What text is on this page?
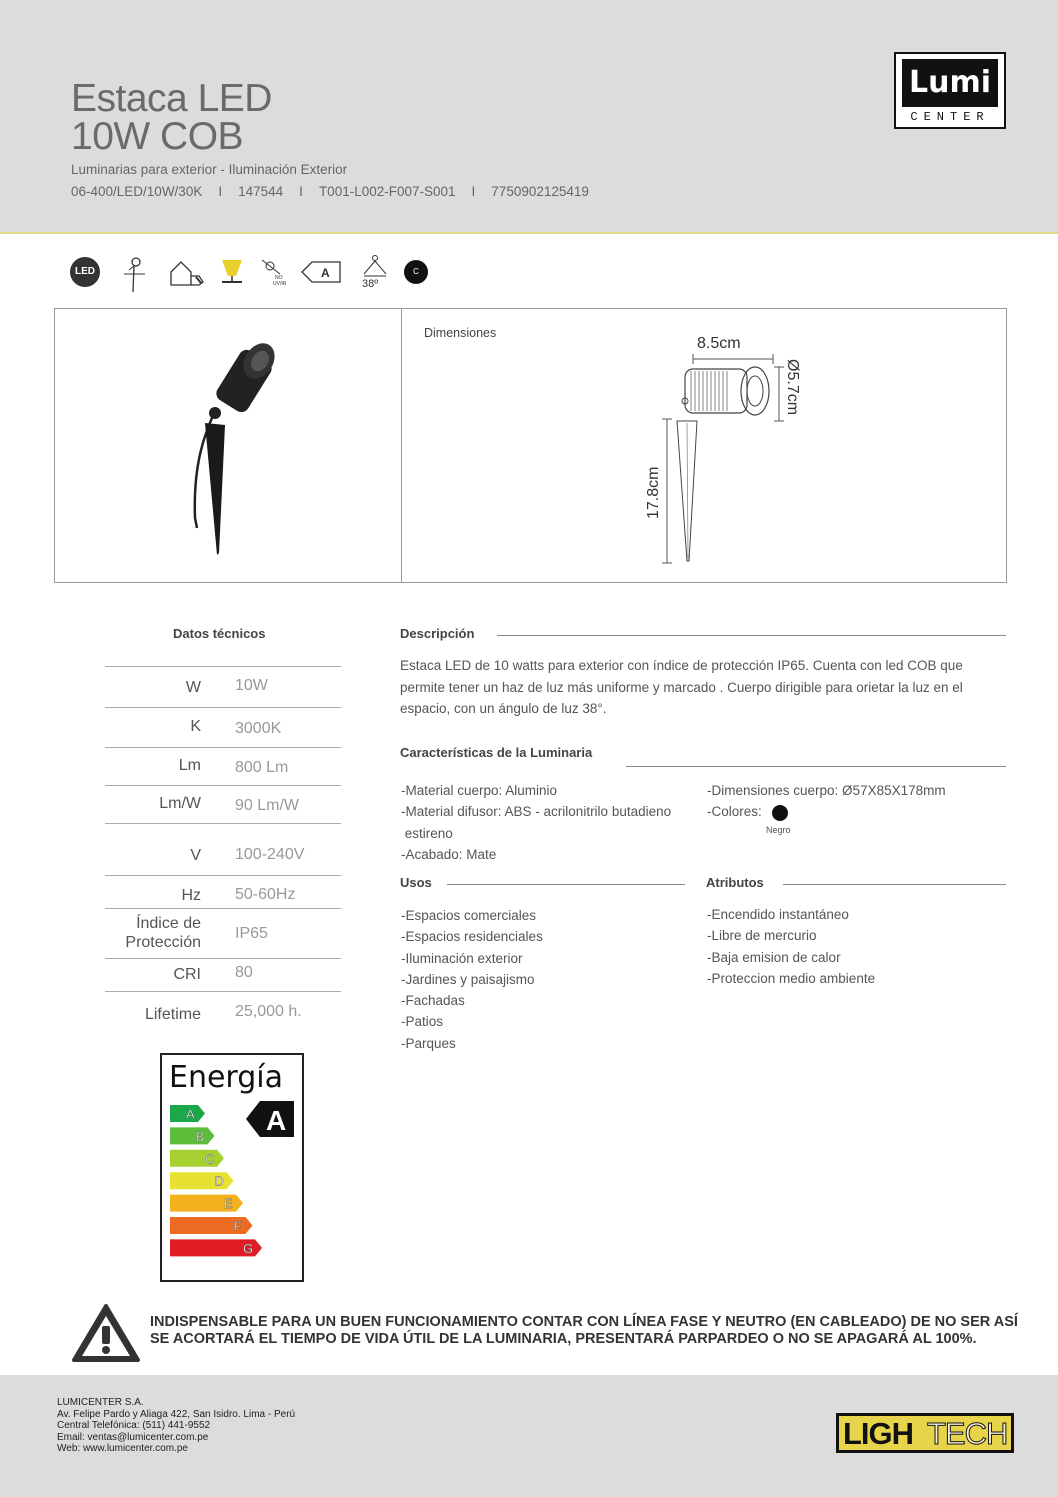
Estaca LED
10W COB
Luminarias para exterior - Iluminación Exterior
06-400/LED/10W/30K I 147544 I T001-L002-F007-S001 I 7750902125419
Lumi
CENTER
LED
NO
UV/IR
A
38º
C
Dimensiones
8.5cm
Ø5.7cm
17.8cm
Datos técnicos
W 10W
K 3000K
Lm 800 Lm
Lm/W 90 Lm/W
V 100-240V
Hz 50-60Hz
Índice de Protección
IP65
CRI 80
Lifetime 25,000 h.
Energía
A
A
B
C
D
E
F
G
Descripción
Estaca LED de 10 watts para exterior con índice de protección IP65. Cuenta con led COB que permite tener un haz de luz más uniforme y marcado . Cuerpo dirigible para orietar la luz en el espacio, con un ángulo de luz 38°.
Características de la Luminaria
-Material cuerpo: Aluminio
-Material difusor: ABS - acrilonitrilo butadieno
estireno
-Acabado: Mate
-Dimensiones cuerpo: Ø57X85X178mm
-Colores:
Negro
Usos
-Espacios comerciales
-Espacios residenciales
-Iluminación exterior
-Jardines y paisajismo
-Fachadas
-Patios
-Parques
Atributos
-Encendido instantáneo
-Libre de mercurio
-Baja emision de calor
-Proteccion medio ambiente
INDISPENSABLE PARA UN BUEN FUNCIONAMIENTO CONTAR CON LÍNEA FASE Y NEUTRO (EN CABLEADO) DE NO SER ASÍ SE ACORTARÁ EL TIEMPO DE VIDA ÚTIL DE LA LUMINARIA, PRESENTARÁ PARPARDEO O NO SE APAGARÁ AL 100%.
LUMICENTER S.A.
Av. Felipe Pardo y Aliaga 422, San Isidro. Lima - Perú
Central Telefónica: (511) 441-9552
Email: ventas@lumicenter.com.pe
Web: www.lumicenter.com.pe	LIGH TECH
